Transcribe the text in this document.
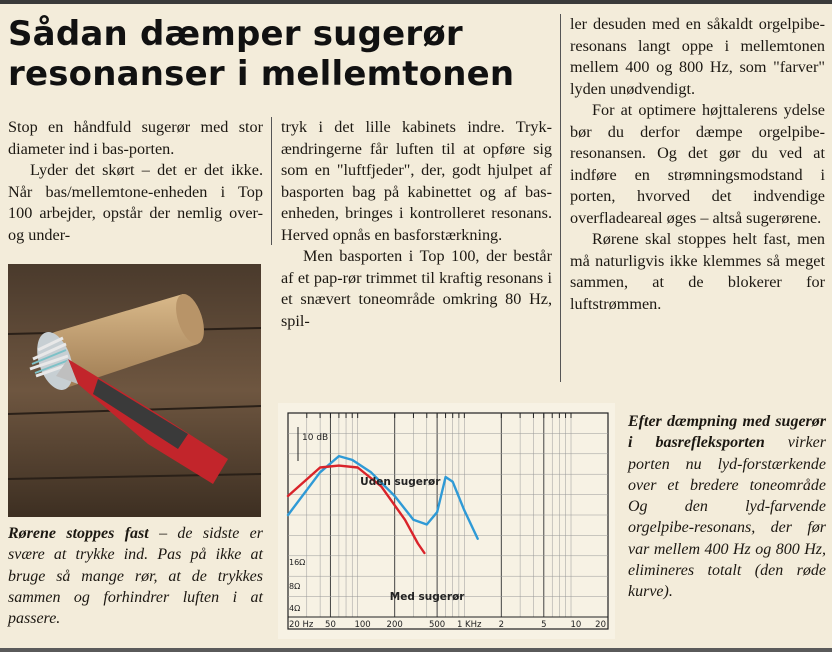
Sådan dæmper sugerør
resonanser i mellemtonen

Stop en håndfuld sugerør med stor diameter ind i bas-porten.

Lyder det skørt – det er det ikke. Når bas/mellemtone-enheden i Top 100 arbejder, opstår der nemlig over- og under-

Rørene stoppes fast – de sidste er svære at trykke ind. Pas på ikke at bruge så mange rør, at de trykkes sammen og forhindrer luften i at passere.

tryk i det lille kabinets indre. Tryk-ændringerne får luften til at opføre sig som en "luftfjeder", der, godt hjulpet af basporten bag på kabinettet og af bas-enheden, bringes i kontrolleret resonans. Herved opnås en basforstærkning.

Men basporten i Top 100, der består af et pap-rør trimmet til kraftig resonans i et snævert toneområde omkring 80 Hz, spil-

ler desuden med en såkaldt orgelpibe-resonans langt oppe i mellemtonen mellem 400 og 800 Hz, som "farver" lyden unødvendigt.

For at optimere højttalerens ydelse bør du derfor dæmpe orgelpibe-resonansen. Og det gør du ved at indføre en strømningsmodstand i porten, hvorved det indvendige overfladeareal øges – altså sugerørene.

Rørene skal stoppes helt fast, men må naturligvis ikke klemmes så meget sammen, at de blokerer for luftstrømmen.

10 dB
16Ω
8Ω
4Ω
20 Hz 50 100 200	500 1 KHz 2	5	10 20
Uden sugerør
Med sugerør
Efter dæmpning med sugerør i basrefleksporten virker porten nu lyd-forstærkende over et bredere toneområde Og den lyd-farvende orgelpibe-resonans, der før var mellem 400 Hz og 800 Hz, elimineres totalt (den røde kurve).
